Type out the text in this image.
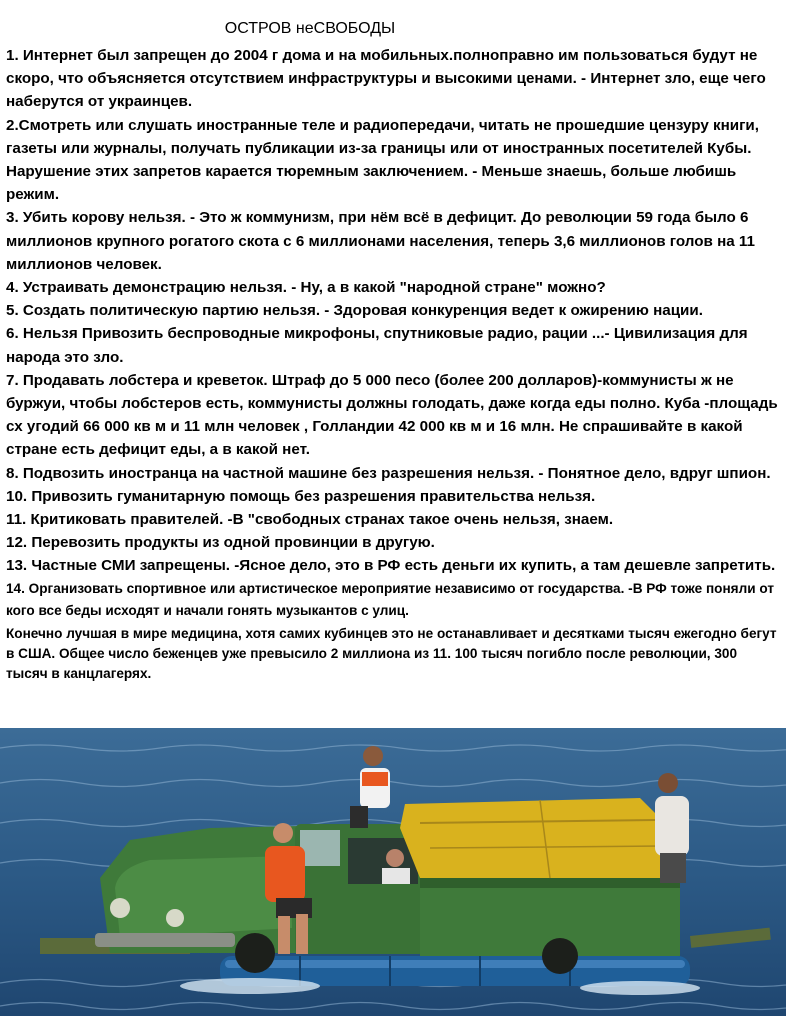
ОСТРОВ неСВОБОДЫ

1. Интернет был запрещен до 2004 г дома и на мобильных.полноправно им пользоваться будут не скоро, что объясняется отсутствием инфраструктуры и высокими ценами. - Интернет зло, еще чего наберутся от украинцев.

2.Смотреть или слушать иностранные теле и радиопередачи, читать не прошедшие цензуру книги, газеты или журналы, получать публикации из-за границы или от иностранных посетителей Кубы. Нарушение этих запретов карается тюремным заключением. - Меньше знаешь, больше любишь режим.

3. Убить корову нельзя. - Это ж коммунизм, при нём всё в дефицит. До революции 59 года было 6 миллионов крупного рогатого скота с 6 миллионами населения, теперь 3,6 миллионов голов на 11 миллионов человек.

4. Устраивать демонстрацию нельзя. - Ну, а в какой "народной стране" можно?

5. Создать политическую партию нельзя. - Здоровая конкуренция ведет к ожирению нации.

6. Нельзя Привозить беспроводные микрофоны, спутниковые радио, рации ...- Цивилизация для народа это зло.

7. Продавать лобстера и креветок. Штраф до 5 000 песо (более 200 долларов)-коммунисты ж не буржуи, чтобы лобстеров есть, коммунисты должны голодать, даже когда еды полно. Куба -площадь сх угодий 66 000 кв м и 11 млн человек , Голландии 42 000 кв м и 16 млн. Не спрашивайте в какой стране есть дефицит еды, а в какой нет.

8. Подвозить иностранца на частной машине без разрешения нельзя. - Понятное дело, вдруг шпион.

10. Привозить гуманитарную помощь без разрешения правительства нельзя.

11. Критиковать правителей. -В "свободных странах такое очень нельзя, знаем.

12. Перевозить продукты из одной провинции в другую.

13. Частные СМИ запрещены. -Ясное дело, это в РФ есть деньги их купить, а там дешевле запретить.

14. Организовать спортивное или артистическое мероприятие независимо от государства. -В РФ тоже поняли от кого все беды исходят и начали гонять музыкантов с улиц.

Конечно лучшая в мире медицина, хотя самих кубинцев это не останавливает и десятками тысяч ежегодно бегут в США. Общее число беженцев уже превысило 2 миллиона из 11. 100 тысяч погибло после революции, 300 тысяч в канцлагерях.
